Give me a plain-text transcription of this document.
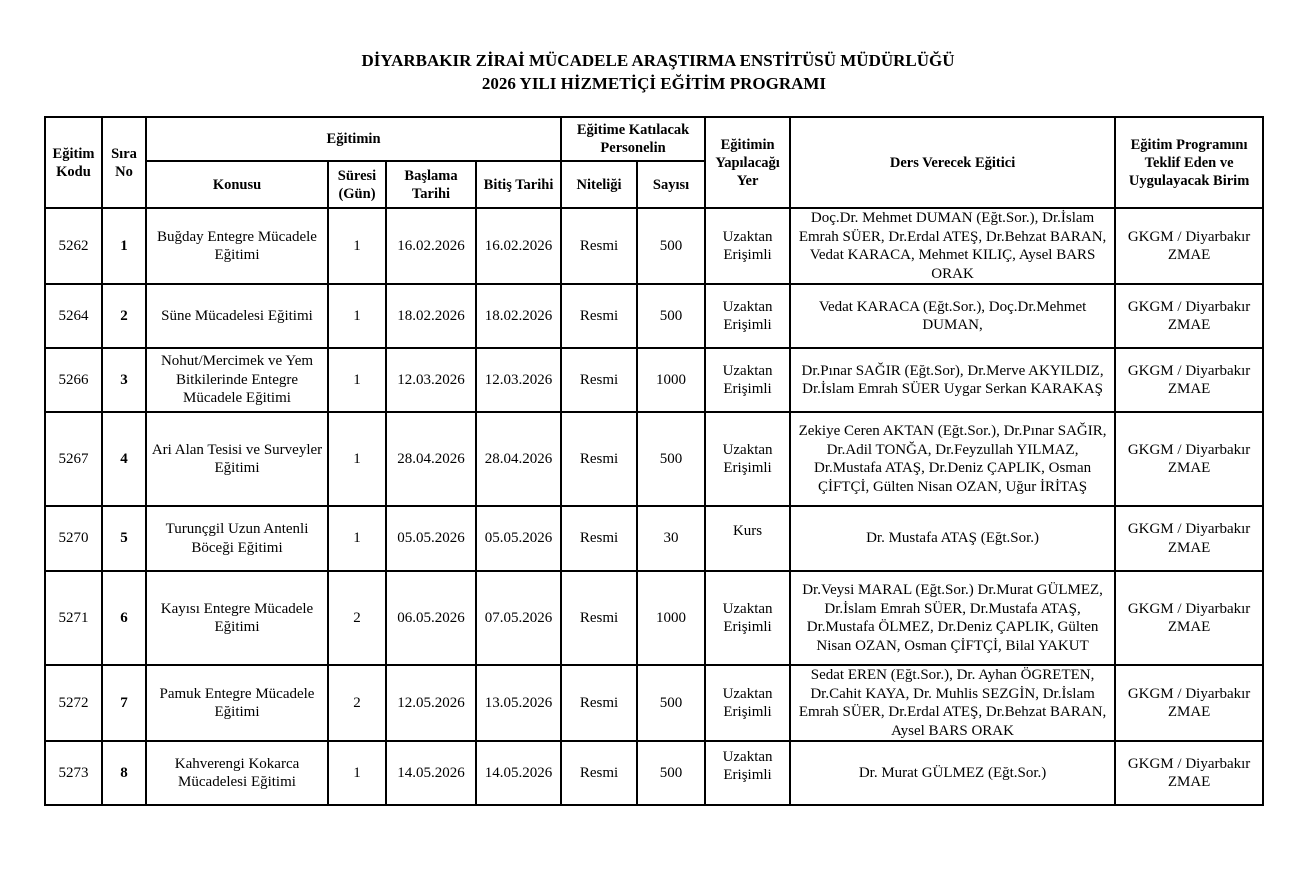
DİYARBAKIR ZİRAİ MÜCADELE ARAŞTIRMA ENSTİTÜSÜ MÜDÜRLÜĞÜ
2026 YILI HİZMETİÇİ EĞİTİM PROGRAMI
Eğitim Kodu	Sıra No	Eğitimin				Eğitime Katılacak Personelin		Eğitimin Yapılacağı Yer	Ders Verecek Eğitici	Eğitim Programını Teklif Eden ve Uygulayacak Birim
		Konusu	Süresi (Gün)	Başlama Tarihi	Bitiş Tarihi	Niteliği	Sayısı			
5262	1	Buğday Entegre Mücadele Eğitimi	1	16.02.2026	16.02.2026	Resmi	500	Uzaktan Erişimli	Doç.Dr. Mehmet DUMAN (Eğt.Sor.), Dr.İslam Emrah SÜER, Dr.Erdal ATEŞ, Dr.Behzat BARAN, Vedat KARACA, Mehmet KILIÇ, Aysel BARS ORAK	GKGM / Diyarbakır ZMAE
5264	2	Süne Mücadelesi Eğitimi	1	18.02.2026	18.02.2026	Resmi	500	Uzaktan Erişimli	Vedat KARACA (Eğt.Sor.), Doç.Dr.Mehmet DUMAN,	GKGM / Diyarbakır ZMAE
5266	3	Nohut/Mercimek ve Yem Bitkilerinde Entegre Mücadele Eğitimi	1	12.03.2026	12.03.2026	Resmi	1000	Uzaktan Erişimli	Dr.Pınar SAĞIR (Eğt.Sor), Dr.Merve AKYILDIZ, Dr.İslam Emrah SÜER Uygar Serkan KARAKAŞ	GKGM / Diyarbakır ZMAE
5267	4	Ari Alan Tesisi ve Surveyler Eğitimi	1	28.04.2026	28.04.2026	Resmi	500	Uzaktan Erişimli	Zekiye Ceren AKTAN (Eğt.Sor.), Dr.Pınar SAĞIR, Dr.Adil TONĞA, Dr.Feyzullah YILMAZ, Dr.Mustafa ATAŞ, Dr.Deniz ÇAPLIK, Osman ÇİFTÇİ, Gülten Nisan OZAN, Uğur İRİTAŞ	GKGM / Diyarbakır ZMAE
5270	5	Turunçgil Uzun Antenli Böceği Eğitimi	1	05.05.2026	05.05.2026	Resmi	30	Kurs	Dr. Mustafa ATAŞ (Eğt.Sor.)	GKGM / Diyarbakır ZMAE
5271	6	Kayısı Entegre Mücadele Eğitimi	2	06.05.2026	07.05.2026	Resmi	1000	Uzaktan Erişimli	Dr.Veysi MARAL (Eğt.Sor.) Dr.Murat GÜLMEZ, Dr.İslam Emrah SÜER, Dr.Mustafa ATAŞ, Dr.Mustafa ÖLMEZ, Dr.Deniz ÇAPLIK, Gülten Nisan OZAN, Osman ÇİFTÇİ, Bilal YAKUT	GKGM / Diyarbakır ZMAE
5272	7	Pamuk Entegre Mücadele Eğitimi	2	12.05.2026	13.05.2026	Resmi	500	Uzaktan Erişimli	Sedat EREN (Eğt.Sor.), Dr. Ayhan ÖGRETEN, Dr.Cahit KAYA, Dr. Muhlis SEZGİN, Dr.İslam Emrah SÜER, Dr.Erdal ATEŞ, Dr.Behzat BARAN, Aysel BARS ORAK	GKGM / Diyarbakır ZMAE
5273	8	Kahverengi Kokarca Mücadelesi Eğitimi	1	14.05.2026	14.05.2026	Resmi	500	Uzaktan Erişimli	Dr. Murat GÜLMEZ (Eğt.Sor.)	GKGM / Diyarbakır ZMAE
